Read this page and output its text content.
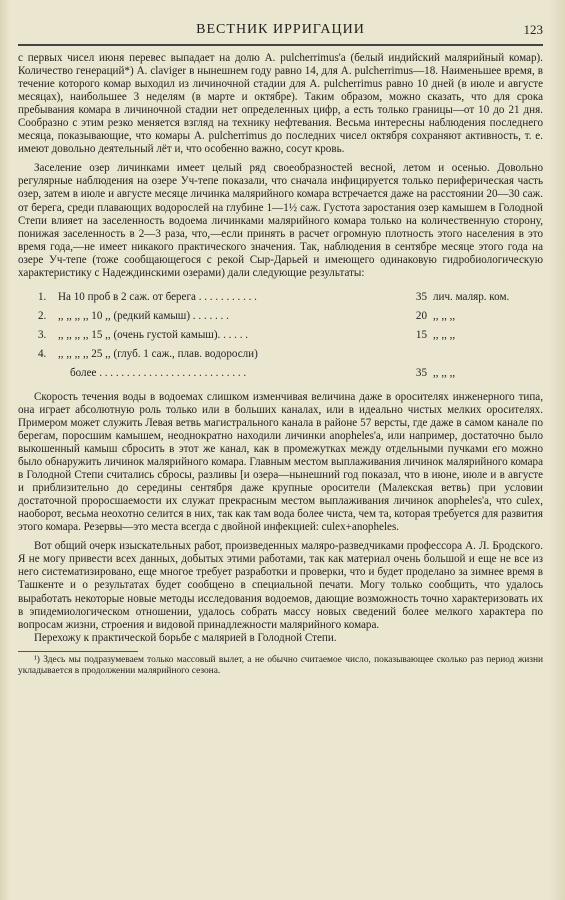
ВЕСТНИК ИРРИГАЦИИ	123

с первых чисел июня перевес выпадает на долю A. pulcherrimus'а (белый индийский малярийный комар). Количество генераций*) A. claviger в нынешнем году равно 14, для A. pulcherrimus—18. Наименьшее время, в течение которого комар выходил из личиночной стадии для A. pulcherrimus равно 10 дней (в июле и августе месяцах), наибольшее 3 неделям (в марте и октябре). Таким образом, можно сказать, что для срока пребывания комара в личиночной стадии нет определенных цифр, а есть только границы—от 10 до 21 дня. Сообразно с этим резко меняется взгляд на технику нефтевания. Весьма интересны наблюдения последнего месяца, показывающие, что комары A. pulcherrimus до последних чисел октября сохраняют активность, т. е. имеют довольно деятельный лёт и, что особенно важно, сосут кровь.

Заселение озер личинками имеет целый ряд своеобразностей весной, летом и осенью. Довольно регулярные наблюдения на озере Уч-тепе показали, что сначала инфицируется только периферическая часть озер, затем в июле и августе месяце личинка малярийного комара встречается даже на расстоянии 20—30 саж. от берега, среди плавающих водорослей на глубине 1—1½ саж. Густота заростания озер камышем в Голодной Степи влияет на заселенность водоема личинками малярийного комара только на количественную сторону, понижая заселенность в 2—3 раза, что,—если принять в расчет огромную плотность этого населения в это время года,—не имеет никакого практического значения. Так, наблюдения в сентябре месяце этого года на озере Уч-тепе (тоже сообщающегося с рекой Сыр-Дарьей и имеющего одинаковую гидробиологическую характеристику с Надеждинскими озерами) дали следующие результаты:

1.	На 10 проб в 2 саж. от берега . . . . . . . . . . .	35 лич. маляр. ком.
2.	,, ,, ,, ,, 10 ,, (редкий камыш) . . . . . . .	20 ,, ,, ,,
3.	,, ,, ,, ,, 15 ,, (очень густой камыш). . . . . .	15 ,, ,, ,,
4.	,, ,, ,, ,, 25 ,, (глуб. 1 саж., плав. водоросли)
более . . . . . . . . . . . . . . . . . . . . . . . . . . .	35 ,, ,, ,,

Скорость течения воды в водоемах слишком изменчивая величина даже в оросителях инженерного типа, она играет абсолютную роль только или в больших каналах, или в идеально чистых мелких оросителях. Примером может служить Левая ветвь магистрального канала в районе 57 версты, где даже в самом канале по берегам, поросшим камышем, неоднократно находили личинки anopheles'а, или например, достаточно было выкошенный камыш сбросить в этот же канал, как в промежутках между отдельными пучками его можно было обнаружить личинок малярийного комара. Главным местом выплаживания личинок малярийного комара в Голодной Степи считались сбросы, разливы [и озера—нынешний год показал, что в июне, июле и в августе и приблизительно до середины сентября даже крупные оросители (Малекская ветвь) при условии достаточной проросшаемости их служат прекрасным местом выплаживания личинок anopheles'а, что culex, наоборот, весьма неохотно селится в них, так как там вода более чиста, чем та, которая требуется для развития этого комара. Резервы—это места всегда с двойной инфекцией: culex+anopheles.

Вот общий очерк изыскательных работ, произведенных маляро-разведчиками профессора А. Л. Бродского. Я не могу привести всех данных, добытых этими работами, так как материал очень большой и еще не все из него систематизировано, еще многое требует разработки и проверки, что и будет проделано за зимнее время в Ташкенте и о результатах будет сообщено в специальной печати. Могу только сообщить, что удалось выработать некоторые новые методы исследования водоемов, дающие возможность точно характеризовать их в эпидемиологическом отношении, удалось собрать массу новых сведений более мелкого характера по вопросам жизни, строения и видовой принадлежности малярийного комара.

Перехожу к практической борьбе с малярией в Голодной Степи.

¹) Здесь мы подразумеваем только массовый вылет, а не обычно считаемое число, показывающее сколько раз период жизни укладывается в продолжении малярийного сезона.
